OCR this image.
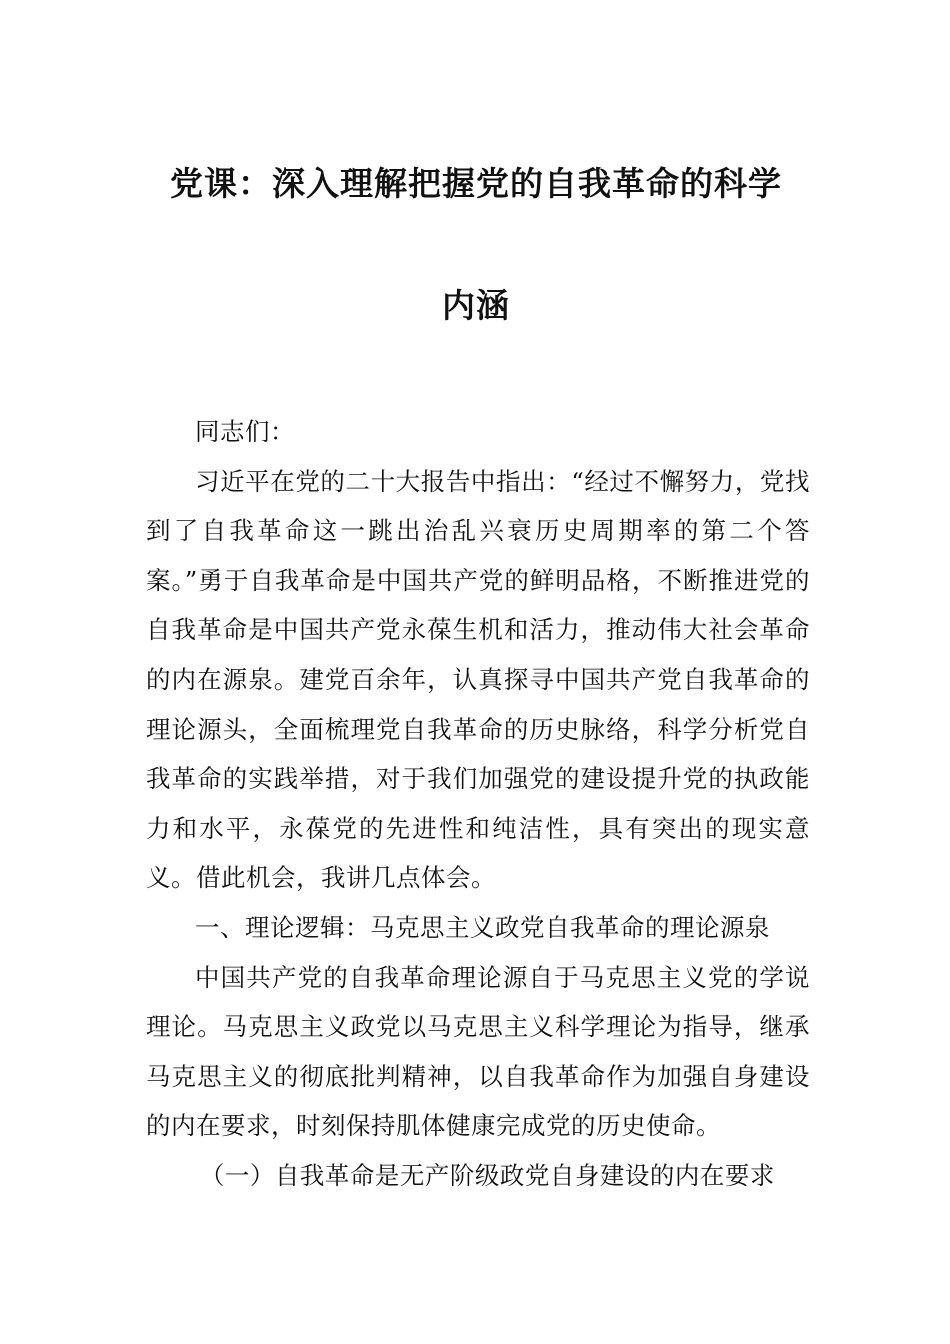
党课：深入理解把握党的自我革命的科学
内涵

同志们：

习近平在党的二十大报告中指出：“经过不懈努力，党找到了自我革命这一跳出治乱兴衰历史周期率的第二个答案。”勇于自我革命是中国共产党的鲜明品格，不断推进党的自我革命是中国共产党永葆生机和活力，推动伟大社会革命的内在源泉。建党百余年，认真探寻中国共产党自我革命的理论源头，全面梳理党自我革命的历史脉络，科学分析党自我革命的实践举措，对于我们加强党的建设提升党的执政能力和水平，永葆党的先进性和纯洁性，具有突出的现实意义。借此机会，我讲几点体会。

一、理论逻辑：马克思主义政党自我革命的理论源泉

中国共产党的自我革命理论源自于马克思主义党的学说理论。马克思主义政党以马克思主义科学理论为指导，继承马克思主义的彻底批判精神，以自我革命作为加强自身建设的内在要求，时刻保持肌体健康完成党的历史使命。

（一）自我革命是无产阶级政党自身建设的内在要求
